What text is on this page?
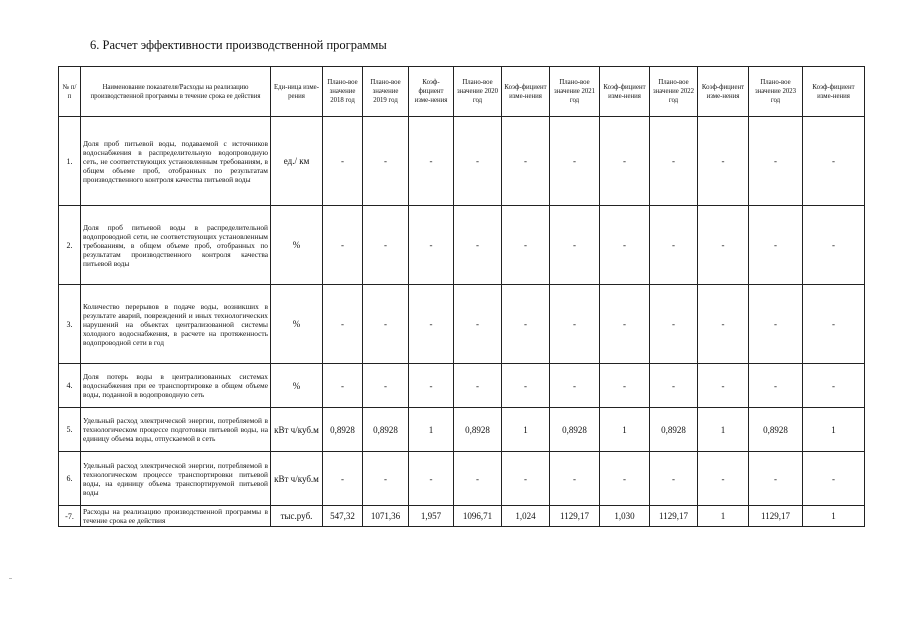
6. Расчет эффективности производственной программы
№ п/п	Наименование показателя/Расходы на реализацию производственной программы в течение срока ее действия	Еди-ница изме-рения	Плано-вое значение 2018 год	Плано-вое значение 2019 год	Коэф-фициент изме-нения	Плано-вое значение 2020 год	Коэф-фициент изме-нения	Плано-вое значение 2021 год	Коэф-фициент изме-нения	Плано-вое значение 2022 год	Коэф-фициент изме-нения	Плано-вое значение 2023 год	Коэф-фициент изме-нения
1.	Доля проб питьевой воды, подаваемой с источников водоснабжения в распределительную водопроводную сеть, не соответствующих установленным требованиям, в общем объеме проб, отобранных по результатам производственного контроля качества питьевой воды	ед./ км	-	-	-	-	-	-	-	-	-	-	-
2.	Доля проб питьевой воды в распределительной водопроводной сети, не соответствующих установленным требованиям, в общем объеме проб, отобранных по результатам производственного контроля качества питьевой воды	%	-	-	-	-	-	-	-	-	-	-	-
3.	Количество перерывов в подаче воды, возникших в результате аварий, повреждений и иных технологических нарушений на объектах централизованной системы холодного водоснабжения, в расчете на протяженность водопроводной сети в год	%	-	-	-	-	-	-	-	-	-	-	-
4.	Доля потерь воды в централизованных системах водоснабжения при ее транспортировке в общем объеме воды, поданной в водопроводную сеть	%	-	-	-	-	-	-	-	-	-	-	-
5.	Удельный расход электрической энергии, потребляемой в технологическом процессе подготовки питьевой воды, на единицу объема воды, отпускаемой в сеть	кВт ч/куб.м	0,8928	0,8928	1	0,8928	1	0,8928	1	0,8928	1	0,8928	1
6.	Удельный расход электрической энергии, потребляемой в технологическом процессе транспортировки питьевой воды, на единицу объема транспортируемой питьевой воды	кВт ч/куб.м	-	-	-	-	-	-	-	-	-	-	-
-7.	Расходы на реализацию производственной программы в течение срока ее действия	тыс.руб.	547,32	1071,36	1,957	1096,71	1,024	1129,17	1,030	1129,17	1	1129,17	1
